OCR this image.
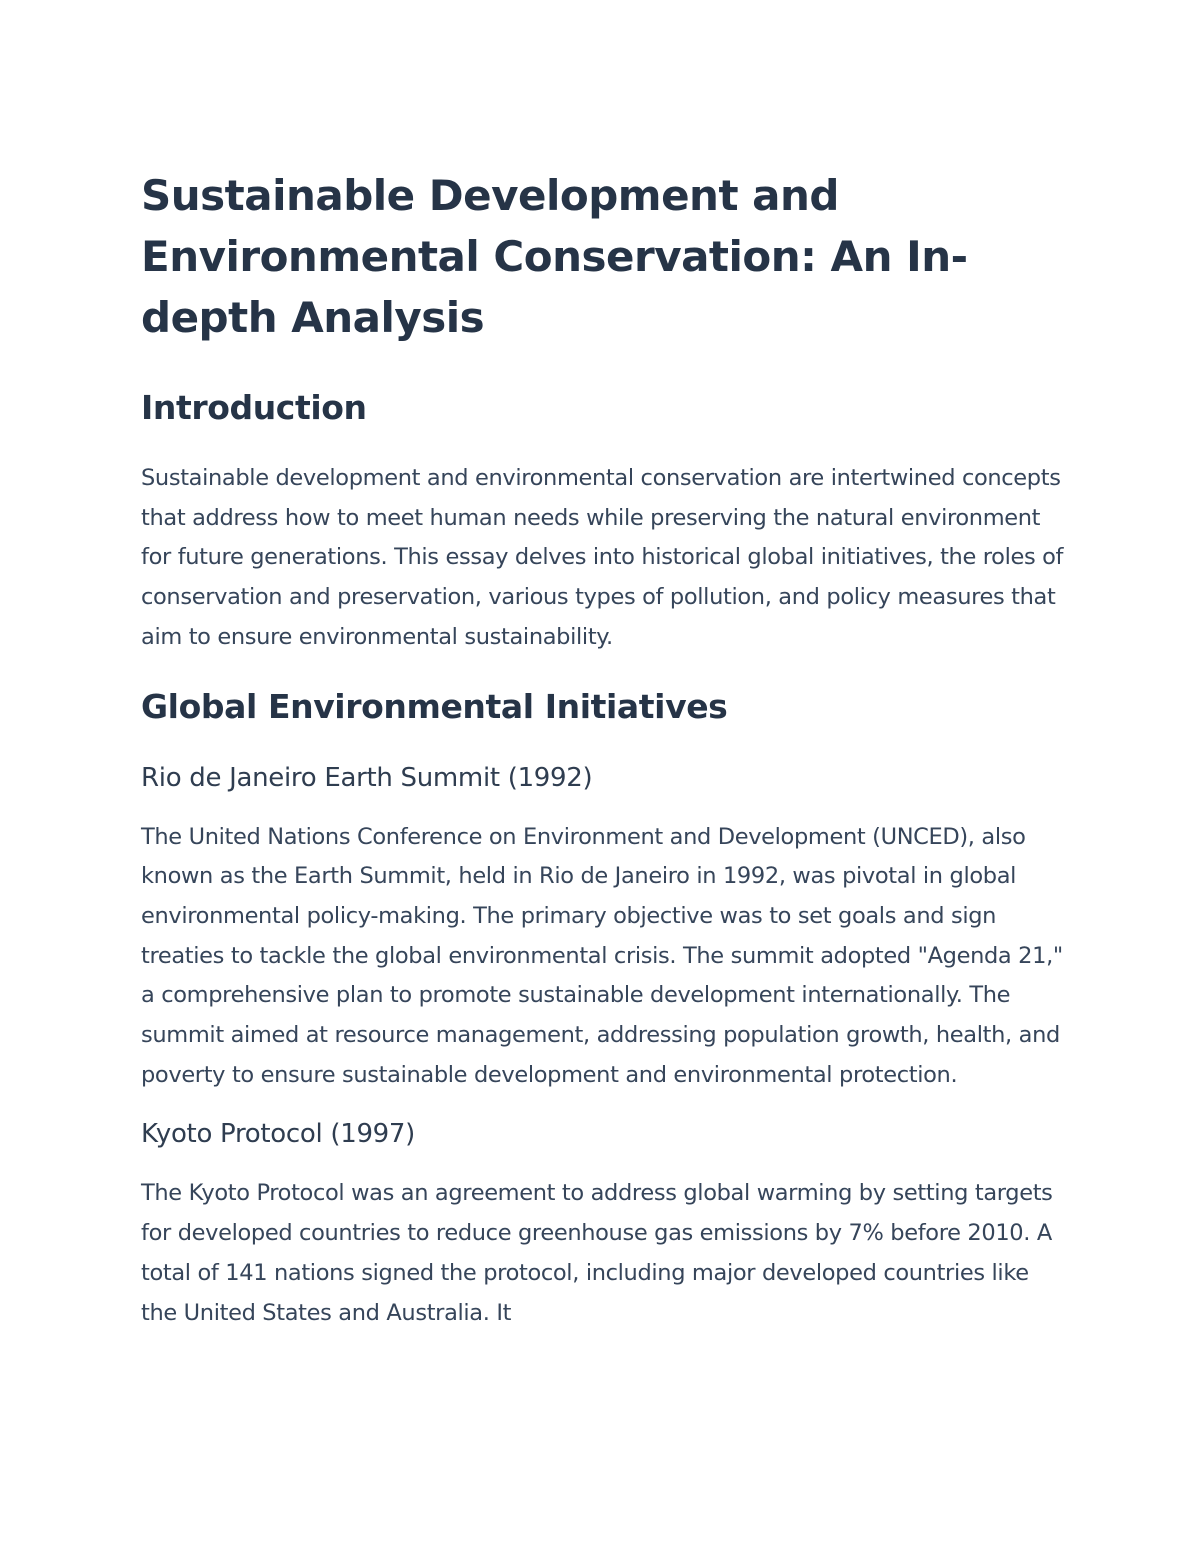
Sustainable Development and Environmental Conservation: An In-depth Analysis
Introduction

Sustainable development and environmental conservation are intertwined concepts that address how to meet human needs while preserving the natural environment for future generations. This essay delves into historical global initiatives, the roles of conservation and preservation, various types of pollution, and policy measures that aim to ensure environmental sustainability.

Global Environmental Initiatives
Rio de Janeiro Earth Summit (1992)

The United Nations Conference on Environment and Development (UNCED), also known as the Earth Summit, held in Rio de Janeiro in 1992, was pivotal in global environmental policy-making. The primary objective was to set goals and sign treaties to tackle the global environmental crisis. The summit adopted "Agenda 21," a comprehensive plan to promote sustainable development internationally. The summit aimed at resource management, addressing population growth, health, and poverty to ensure sustainable development and environmental protection.

Kyoto Protocol (1997)

The Kyoto Protocol was an agreement to address global warming by setting targets for developed countries to reduce greenhouse gas emissions by 7% before 2010. A total of 141 nations signed the protocol, including major developed countries like the United States and Australia. It
